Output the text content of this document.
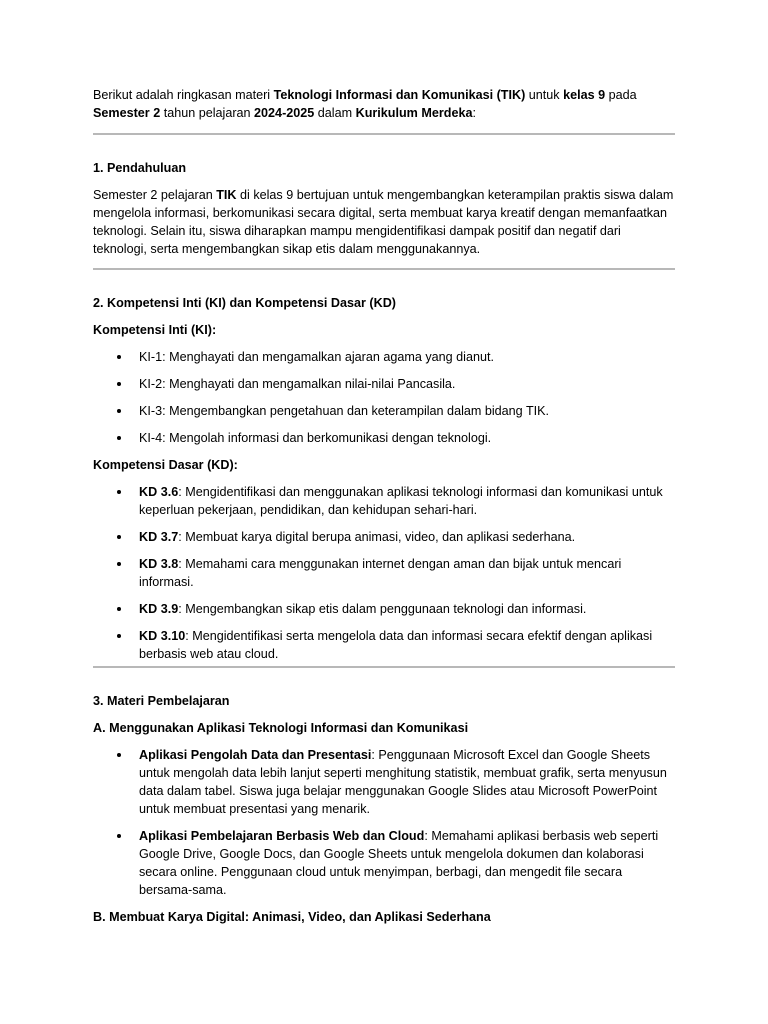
Berikut adalah ringkasan materi Teknologi Informasi dan Komunikasi (TIK) untuk kelas 9 pada
Semester 2 tahun pelajaran 2024-2025 dalam Kurikulum Merdeka:

1. Pendahuluan

Semester 2 pelajaran TIK di kelas 9 bertujuan untuk mengembangkan keterampilan praktis siswa dalam mengelola informasi, berkomunikasi secara digital, serta membuat karya kreatif dengan memanfaatkan teknologi. Selain itu, siswa diharapkan mampu mengidentifikasi dampak positif dan negatif dari teknologi, serta mengembangkan sikap etis dalam menggunakannya.

2. Kompetensi Inti (KI) dan Kompetensi Dasar (KD)

Kompetensi Inti (KI):

KI-1: Menghayati dan mengamalkan ajaran agama yang dianut.
KI-2: Menghayati dan mengamalkan nilai-nilai Pancasila.
KI-3: Mengembangkan pengetahuan dan keterampilan dalam bidang TIK.
KI-4: Mengolah informasi dan berkomunikasi dengan teknologi.

Kompetensi Dasar (KD):

KD 3.6: Mengidentifikasi dan menggunakan aplikasi teknologi informasi dan komunikasi untuk keperluan pekerjaan, pendidikan, dan kehidupan sehari-hari.
KD 3.7: Membuat karya digital berupa animasi, video, dan aplikasi sederhana.
KD 3.8: Memahami cara menggunakan internet dengan aman dan bijak untuk mencari informasi.
KD 3.9: Mengembangkan sikap etis dalam penggunaan teknologi dan informasi.
KD 3.10: Mengidentifikasi serta mengelola data dan informasi secara efektif dengan aplikasi berbasis web atau cloud.

3. Materi Pembelajaran

A. Menggunakan Aplikasi Teknologi Informasi dan Komunikasi

Aplikasi Pengolah Data dan Presentasi: Penggunaan Microsoft Excel dan Google Sheets untuk mengolah data lebih lanjut seperti menghitung statistik, membuat grafik, serta menyusun data dalam tabel. Siswa juga belajar menggunakan Google Slides atau Microsoft PowerPoint untuk membuat presentasi yang menarik.
Aplikasi Pembelajaran Berbasis Web dan Cloud: Memahami aplikasi berbasis web seperti Google Drive, Google Docs, dan Google Sheets untuk mengelola dokumen dan kolaborasi secara online. Penggunaan cloud untuk menyimpan, berbagi, dan mengedit file secara bersama-sama.

B. Membuat Karya Digital: Animasi, Video, dan Aplikasi Sederhana
